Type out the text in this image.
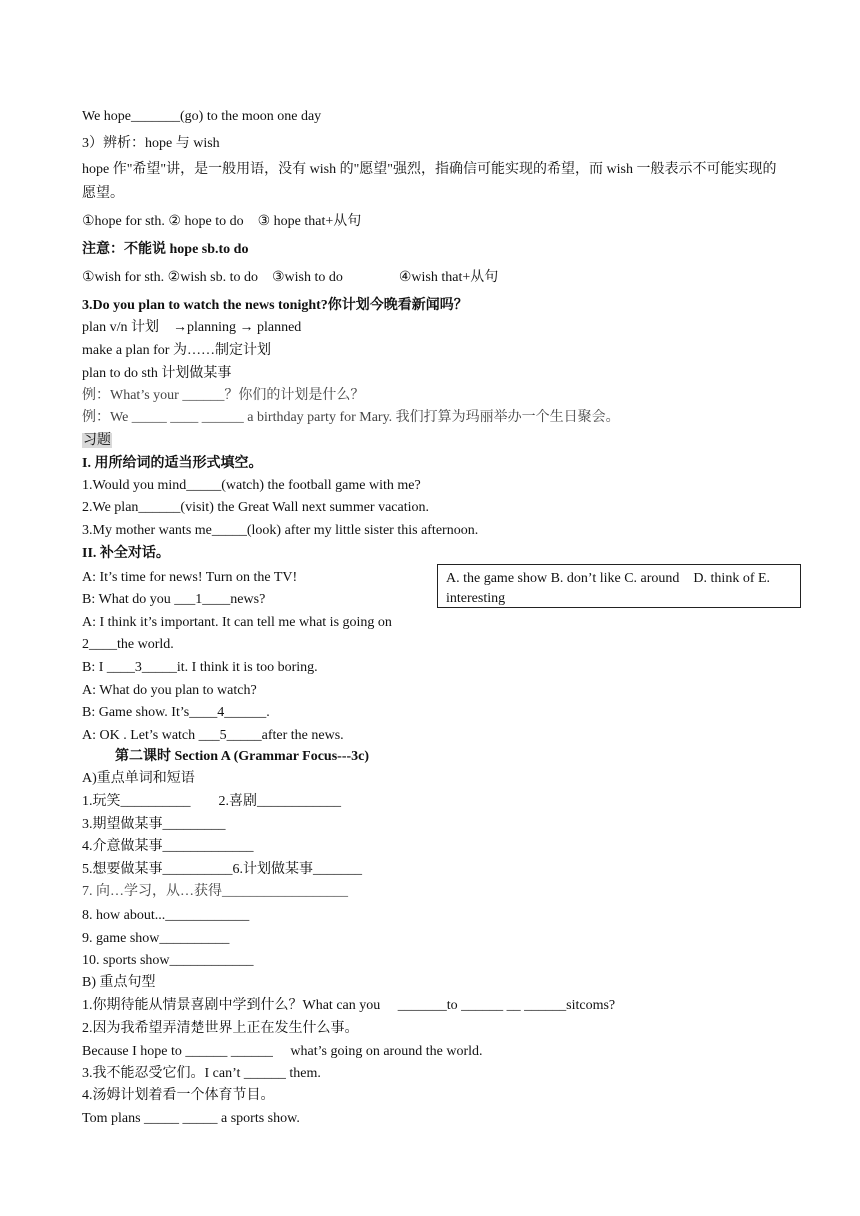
We hope_______(go) to the moon one day
3）辨析：hope 与 wish
hope 作"希望"讲，是一般用语，没有 wish 的"愿望"强烈，指确信可能实现的希望，而 wish 一般表示不可能实现的愿望。
①hope for sth. ② hope to do　③ hope that+从句
注意：不能说 hope sb.to do
①wish for sth. ②wish sb. to do　③wish to do　　　　④wish that+从句
3.Do you plan to watch the news tonight?你计划今晚看新闻吗？
plan v/n 计划　→planning → planned
make a plan for 为……制定计划
plan to do sth 计划做某事
例：What’s your ______？你们的计划是什么？
例：We _____ ____ ______ a birthday party for Mary. 我们打算为玛丽举办一个生日聚会。
习题
I. 用所给词的适当形式填空。
1.Would you mind_____(watch) the football game with me?
2.We plan______(visit) the Great Wall next summer vacation.
3.My mother wants me_____(look) after my little sister this afternoon.
II. 补全对话。
A: It’s time for news! Turn on the TV!
B: What do you ___1____news?
A: I think it’s important. It can tell me what is going on
2____the world.
B: I ____3_____it. I think it is too boring.
A: What do you plan to watch?
B: Game show. It’s____4______.
A: OK . Let’s watch ___5_____after the news.
A. the game show B. don’t like C. around　D. think of E. interesting
第二课时 Section A (Grammar Focus---3c)
A)重点单词和短语
1.玩笑__________　　2.喜剧____________
3.期望做某事_________
4.介意做某事_____________
5.想要做某事__________6.计划做某事_______
7. 向…学习，从…获得__________________
8. how about...____________
9. game show__________
10. sports show____________
B) 重点句型
1.你期待能从情景喜剧中学到什么？What can you 　_______to ______ __ ______sitcoms?
2.因为我希望弄清楚世界上正在发生什么事。
Because I hope to ______ ______　 what’s going on around the world.
3.我不能忍受它们。I can’t ______ them.
4.汤姆计划着看一个体育节目。
Tom plans _____ _____ a sports show.
